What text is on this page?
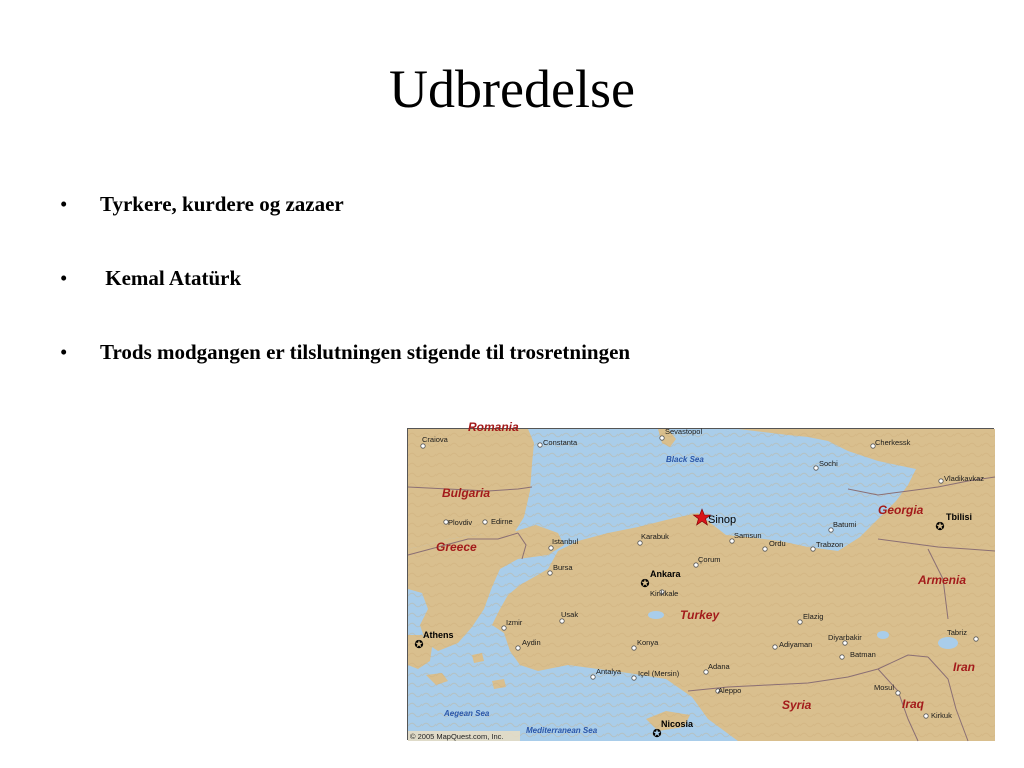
Udbredelse
• Tyrkere, kurdere og zazaer
• Kemal Atatürk
• Trods modgangen er tilslutningen stigende til trosretningen
Romania
Bulgaria
Greece
Turkey
Georgia
Armenia
Iran
Iraq
Syria
Black Sea
Aegean Sea
Mediterranean Sea
✪
✪
✪
✪
Ankara
Athens
Tbilisi
Nicosia
Craiova	Constanta
Sevastopol
Cherkessk
Sochi
Vladikavkaz
Plovdiv	Edirne
Istanbul
Karabuk	Samsun
Ordu
Batumi
Trabzon
Çorum
Kirikkale
Bursa
Izmir
Usak
Aydin	Konya
Elazig
Diyarbakir
Adiyaman
Batman
Tabriz
Antalya Içel (Mersin)
Adana
Aleppo	Mosul
Kirkuk
Sinop
© 2005 MapQuest.com, Inc.
